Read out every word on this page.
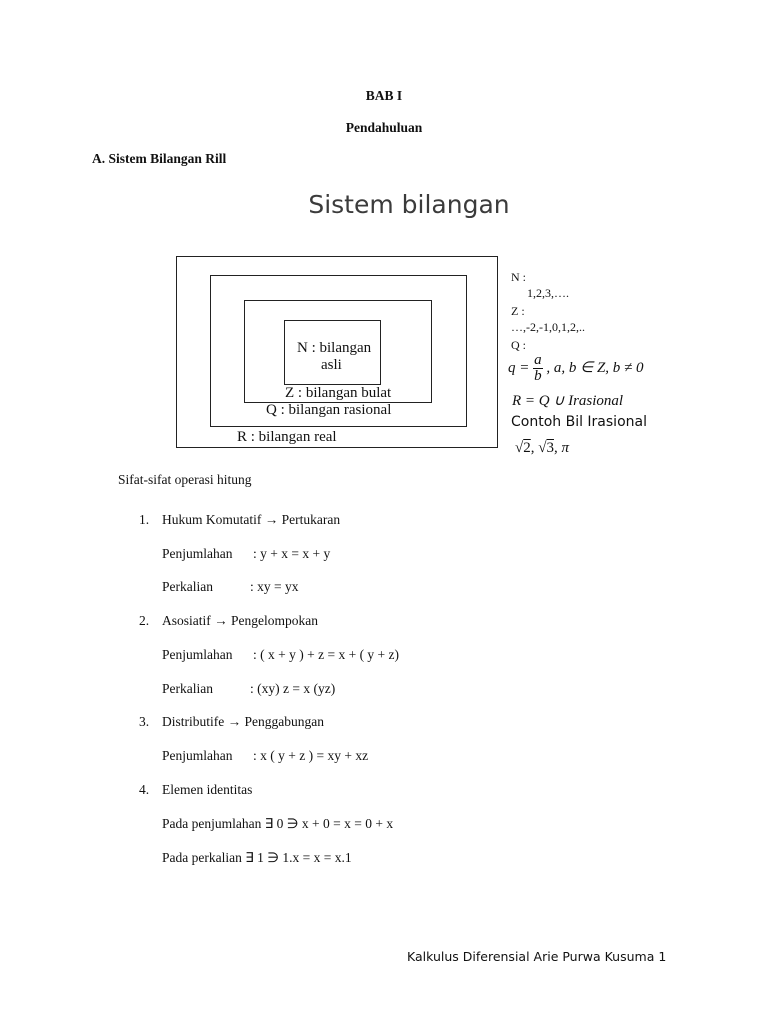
BAB I
Pendahuluan
A. Sistem Bilangan Rill
Sistem bilangan
N : bilangan
asli
Z : bilangan bulat
Q : bilangan rasional
R : bilangan real
N :
1,2,3,….
Z :
…,-2,-1,0,1,2,..
Q :
$q = \frac{a}{b}$ , a, b ∈ Z, b ≠ 0
R = Q ∪ Irasional
Contoh Bil Irasional
√2, √3, π
Sifat-sifat operasi hitung
1. Hukum Komutatif → Pertukaran
Penjumlahan : y + x = x + y
Perkalian	: xy = yx
2. Asosiatif → Pengelompokan
Penjumlahan : ( x + y ) + z = x + ( y + z)
Perkalian	: (xy) z = x (yz)
3. Distributife → Penggabungan
Penjumlahan : x ( y + z ) = xy + xz
4. Elemen identitas
Pada penjumlahan ∃ 0 ∋ x + 0 = x = 0 + x
Pada perkalian ∃ 1 ∋ 1.x = x = x.1
Kalkulus Diferensial Arie Purwa Kusuma 1
